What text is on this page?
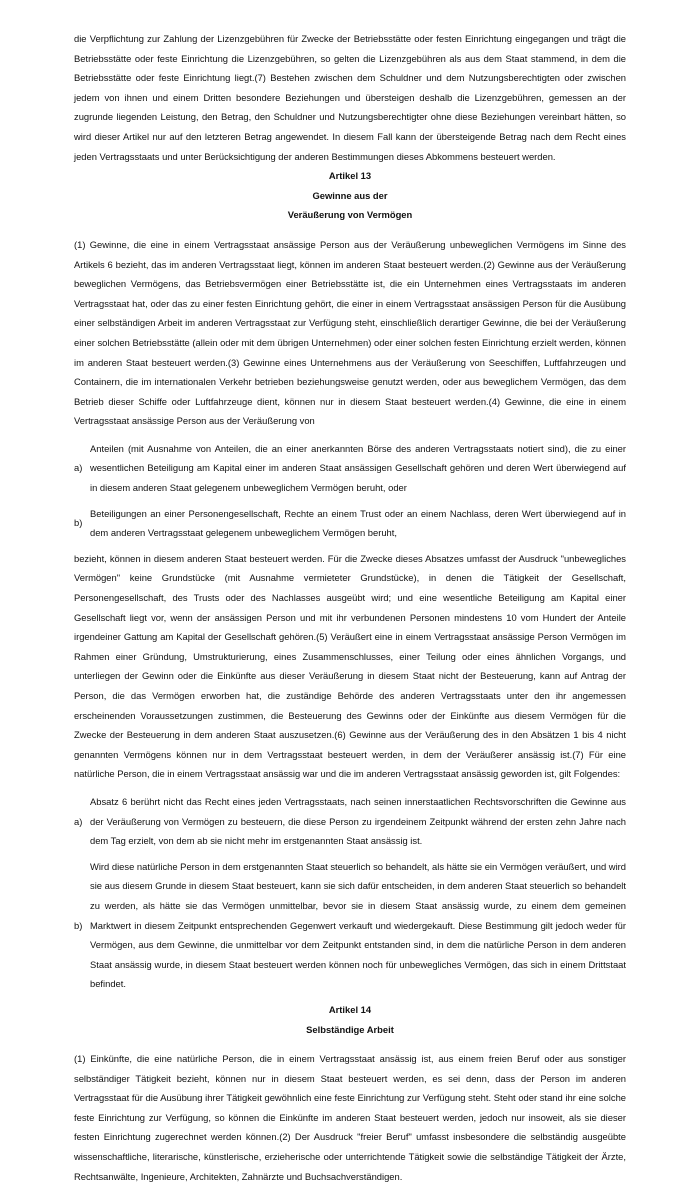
die Verpflichtung zur Zahlung der Lizenzgebühren für Zwecke der Betriebsstätte oder festen Einrichtung eingegangen und trägt die Betriebsstätte oder feste Einrichtung die Lizenzgebühren, so gelten die Lizenzgebühren als aus dem Staat stammend, in dem die Betriebsstätte oder feste Einrichtung liegt.(7) Bestehen zwischen dem Schuldner und dem Nutzungsberechtigten oder zwischen jedem von ihnen und einem Dritten besondere Beziehungen und übersteigen deshalb die Lizenzgebühren, gemessen an der zugrunde liegenden Leistung, den Betrag, den Schuldner und Nutzungsberechtigter ohne diese Beziehungen vereinbart hätten, so wird dieser Artikel nur auf den letzteren Betrag angewendet. In diesem Fall kann der übersteigende Betrag nach dem Recht eines jeden Vertragsstaats und unter Berücksichtigung der anderen Bestimmungen dieses Abkommens besteuert werden.

Artikel 13
Gewinne aus der
Veräußerung von Vermögen

(1) Gewinne, die eine in einem Vertragsstaat ansässige Person aus der Veräußerung unbeweglichen Vermögens im Sinne des Artikels 6 bezieht, das im anderen Vertragsstaat liegt, können im anderen Staat besteuert werden.(2) Gewinne aus der Veräußerung beweglichen Vermögens, das Betriebsvermögen einer Betriebsstätte ist, die ein Unternehmen eines Vertragsstaats im anderen Vertragsstaat hat, oder das zu einer festen Einrichtung gehört, die einer in einem Vertragsstaat ansässigen Person für die Ausübung einer selbständigen Arbeit im anderen Vertragsstaat zur Verfügung steht, einschließlich derartiger Gewinne, die bei der Veräußerung einer solchen Betriebsstätte (allein oder mit dem übrigen Unternehmen) oder einer solchen festen Einrichtung erzielt werden, können im anderen Staat besteuert werden.(3) Gewinne eines Unternehmens aus der Veräußerung von Seeschiffen, Luftfahrzeugen und Containern, die im internationalen Verkehr betrieben beziehungsweise genutzt werden, oder aus beweglichem Vermögen, das dem Betrieb dieser Schiffe oder Luftfahrzeuge dient, können nur in diesem Staat besteuert werden.(4) Gewinne, die eine in einem Vertragsstaat ansässige Person aus der Veräußerung von

a)
Anteilen (mit Ausnahme von Anteilen, die an einer anerkannten Börse des anderen Vertragsstaats notiert sind), die zu einer wesentlichen Beteiligung am Kapital einer im anderen Staat ansässigen Gesellschaft gehören und deren Wert überwiegend auf in diesem anderen Staat gelegenem unbeweglichem Vermögen beruht, oder
b)
Beteiligungen an einer Personengesellschaft, Rechte an einem Trust oder an einem Nachlass, deren Wert überwiegend auf in dem anderen Vertragsstaat gelegenem unbeweglichem Vermögen beruht,

bezieht, können in diesem anderen Staat besteuert werden. Für die Zwecke dieses Absatzes umfasst der Ausdruck "unbewegliches Vermögen" keine Grundstücke (mit Ausnahme vermieteter Grundstücke), in denen die Tätigkeit der Gesellschaft, Personengesellschaft, des Trusts oder des Nachlasses ausgeübt wird; und eine wesentliche Beteiligung am Kapital einer Gesellschaft liegt vor, wenn der ansässigen Person und mit ihr verbundenen Personen mindestens 10 vom Hundert der Anteile irgendeiner Gattung am Kapital der Gesellschaft gehören.(5) Veräußert eine in einem Vertragsstaat ansässige Person Vermögen im Rahmen einer Gründung, Umstrukturierung, eines Zusammenschlusses, einer Teilung oder eines ähnlichen Vorgangs, und unterliegen der Gewinn oder die Einkünfte aus dieser Veräußerung in diesem Staat nicht der Besteuerung, kann auf Antrag der Person, die das Vermögen erworben hat, die zuständige Behörde des anderen Vertragsstaats unter den ihr angemessen erscheinenden Voraussetzungen zustimmen, die Besteuerung des Gewinns oder der Einkünfte aus diesem Vermögen für die Zwecke der Besteuerung in dem anderen Staat auszusetzen.(6) Gewinne aus der Veräußerung des in den Absätzen 1 bis 4 nicht genannten Vermögens können nur in dem Vertragsstaat besteuert werden, in dem der Veräußerer ansässig ist.(7) Für eine natürliche Person, die in einem Vertragsstaat ansässig war und die im anderen Vertragsstaat ansässig geworden ist, gilt Folgendes:

a)
Absatz 6 berührt nicht das Recht eines jeden Vertragsstaats, nach seinen innerstaatlichen Rechtsvorschriften die Gewinne aus der Veräußerung von Vermögen zu besteuern, die diese Person zu irgendeinem Zeitpunkt während der ersten zehn Jahre nach dem Tag erzielt, von dem ab sie nicht mehr im erstgenannten Staat ansässig ist.
b)
Wird diese natürliche Person in dem erstgenannten Staat steuerlich so behandelt, als hätte sie ein Vermögen veräußert, und wird sie aus diesem Grunde in diesem Staat besteuert, kann sie sich dafür entscheiden, in dem anderen Staat steuerlich so behandelt zu werden, als hätte sie das Vermögen unmittelbar, bevor sie in diesem Staat ansässig wurde, zu einem dem gemeinen Marktwert in diesem Zeitpunkt entsprechenden Gegenwert verkauft und wiedergekauft. Diese Bestimmung gilt jedoch weder für Vermögen, aus dem Gewinne, die unmittelbar vor dem Zeitpunkt entstanden sind, in dem die natürliche Person in dem anderen Staat ansässig wurde, in diesem Staat besteuert werden können noch für unbewegliches Vermögen, das sich in einem Drittstaat befindet.
Artikel 14
Selbständige Arbeit

(1) Einkünfte, die eine natürliche Person, die in einem Vertragsstaat ansässig ist, aus einem freien Beruf oder aus sonstiger selbständiger Tätigkeit bezieht, können nur in diesem Staat besteuert werden, es sei denn, dass der Person im anderen Vertragsstaat für die Ausübung ihrer Tätigkeit gewöhnlich eine feste Einrichtung zur Verfügung steht. Steht oder stand ihr eine solche feste Einrichtung zur Verfügung, so können die Einkünfte im anderen Staat besteuert werden, jedoch nur insoweit, als sie dieser festen Einrichtung zugerechnet werden können.(2) Der Ausdruck "freier Beruf" umfasst insbesondere die selbständig ausgeübte wissenschaftliche, literarische, künstlerische, erzieherische oder unterrichtende Tätigkeit sowie die selbständige Tätigkeit der Ärzte, Rechtsanwälte, Ingenieure, Architekten, Zahnärzte und Buchsachverständigen.
